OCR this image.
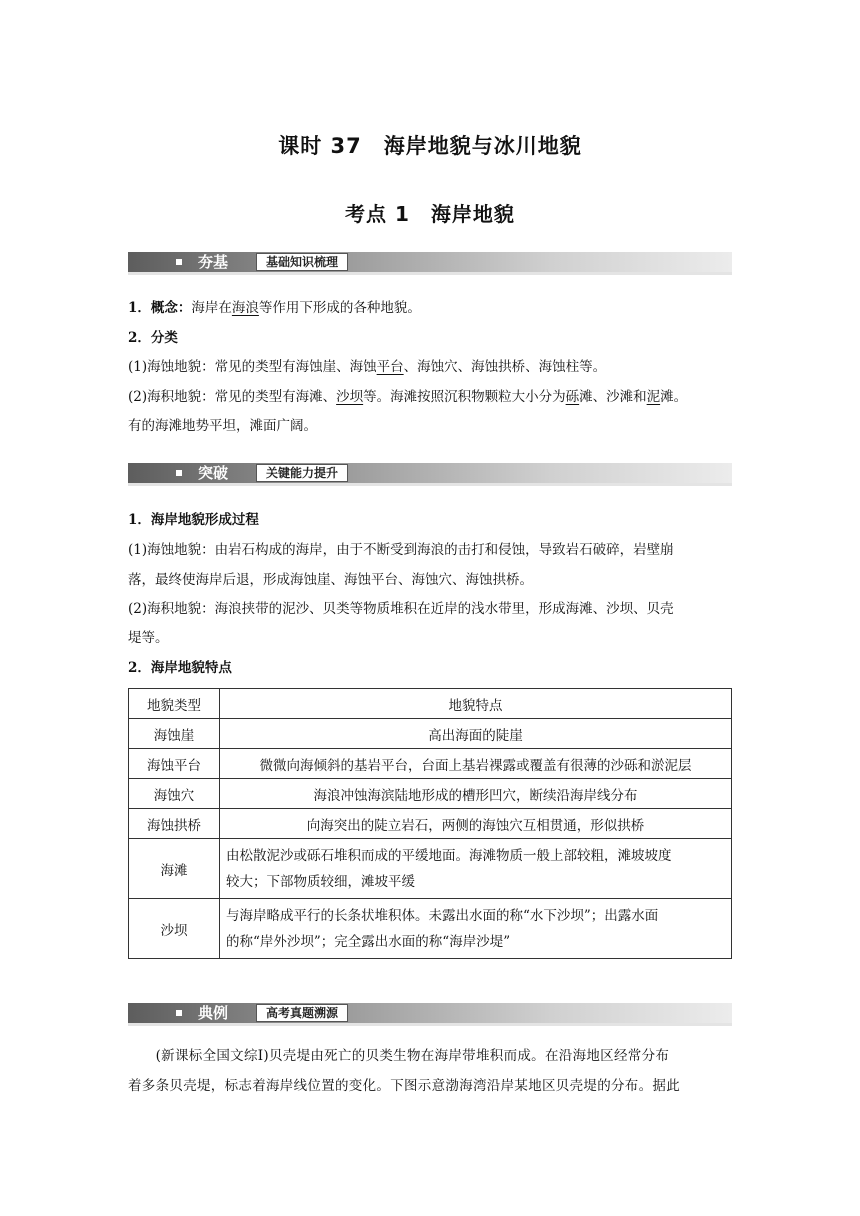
课时 37　海岸地貌与冰川地貌
考点 1　海岸地貌
夯基	基础知识梳理
1．概念：海岸在海浪等作用下形成的各种地貌。
2．分类
(1)海蚀地貌：常见的类型有海蚀崖、海蚀平台、海蚀穴、海蚀拱桥、海蚀柱等。
(2)海积地貌：常见的类型有海滩、沙坝等。海滩按照沉积物颗粒大小分为砾滩、沙滩和泥滩。
有的海滩地势平坦，滩面广阔。
突破	关键能力提升
1．海岸地貌形成过程
(1)海蚀地貌：由岩石构成的海岸，由于不断受到海浪的击打和侵蚀，导致岩石破碎，岩壁崩
落，最终使海岸后退，形成海蚀崖、海蚀平台、海蚀穴、海蚀拱桥。
(2)海积地貌：海浪挟带的泥沙、贝类等物质堆积在近岸的浅水带里，形成海滩、沙坝、贝壳
堤等。
2．海岸地貌特点
地貌类型	地貌特点
海蚀崖	高出海面的陡崖
海蚀平台	微微向海倾斜的基岩平台，台面上基岩裸露或覆盖有很薄的沙砾和淤泥层
海蚀穴	海浪冲蚀海滨陆地形成的槽形凹穴，断续沿海岸线分布
海蚀拱桥	向海突出的陡立岩石，两侧的海蚀穴互相贯通，形似拱桥
海滩	由松散泥沙或砾石堆积而成的平缓地面。海滩物质一般上部较粗，滩坡坡度
较大；下部物质较细，滩坡平缓

沙坝	与海岸略成平行的长条状堆积体。未露出水面的称“水下沙坝”；出露水面
的称“岸外沙坝”；完全露出水面的称“海岸沙堤”
典例	高考真题溯源
　　(新课标全国文综Ⅰ)贝壳堤由死亡的贝类生物在海岸带堆积而成。在沿海地区经常分布
着多条贝壳堤，标志着海岸线位置的变化。下图示意渤海湾沿岸某地区贝壳堤的分布。据此
